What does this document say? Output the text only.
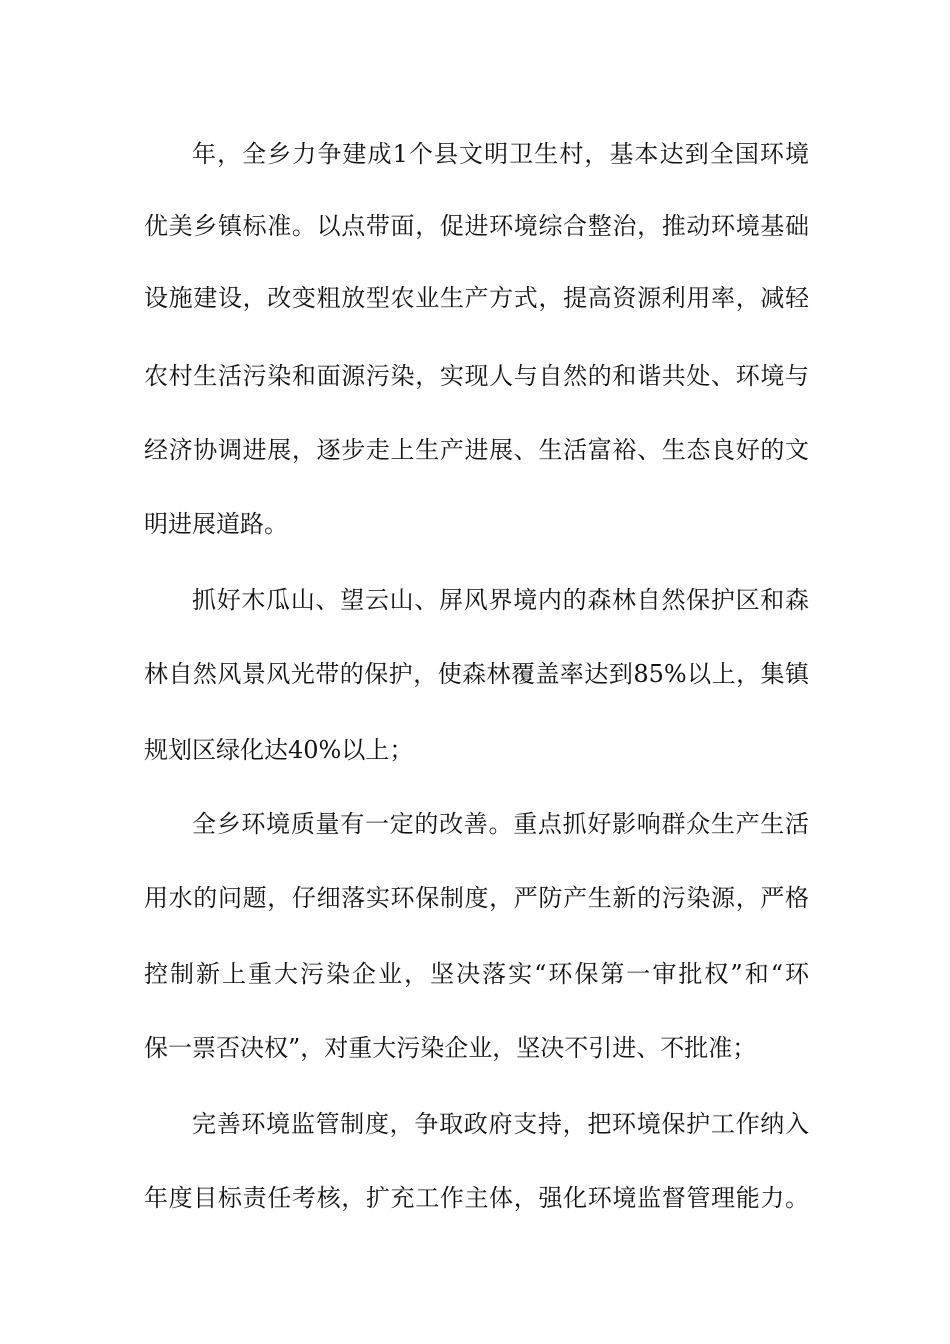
年，全乡力争建成1个县文明卫生村，基本达到全国环境
优美乡镇标准。以点带面，促进环境综合整治，推动环境基础
设施建设，改变粗放型农业生产方式，提高资源利用率，减轻
农村生活污染和面源污染，实现人与自然的和谐共处、环境与
经济协调进展，逐步走上生产进展、生活富裕、生态良好的文
明进展道路。
抓好木瓜山、望云山、屏风界境内的森林自然保护区和森
林自然风景风光带的保护，使森林覆盖率达到85%以上，集镇
规划区绿化达40%以上；
全乡环境质量有一定的改善。重点抓好影响群众生产生活
用水的问题，仔细落实环保制度，严防产生新的污染源，严格
控制新上重大污染企业，坚决落实“环保第一审批权”和“环
保一票否决权”，对重大污染企业，坚决不引进、不批准；
完善环境监管制度，争取政府支持，把环境保护工作纳入
年度目标责任考核，扩充工作主体，强化环境监督管理能力。
